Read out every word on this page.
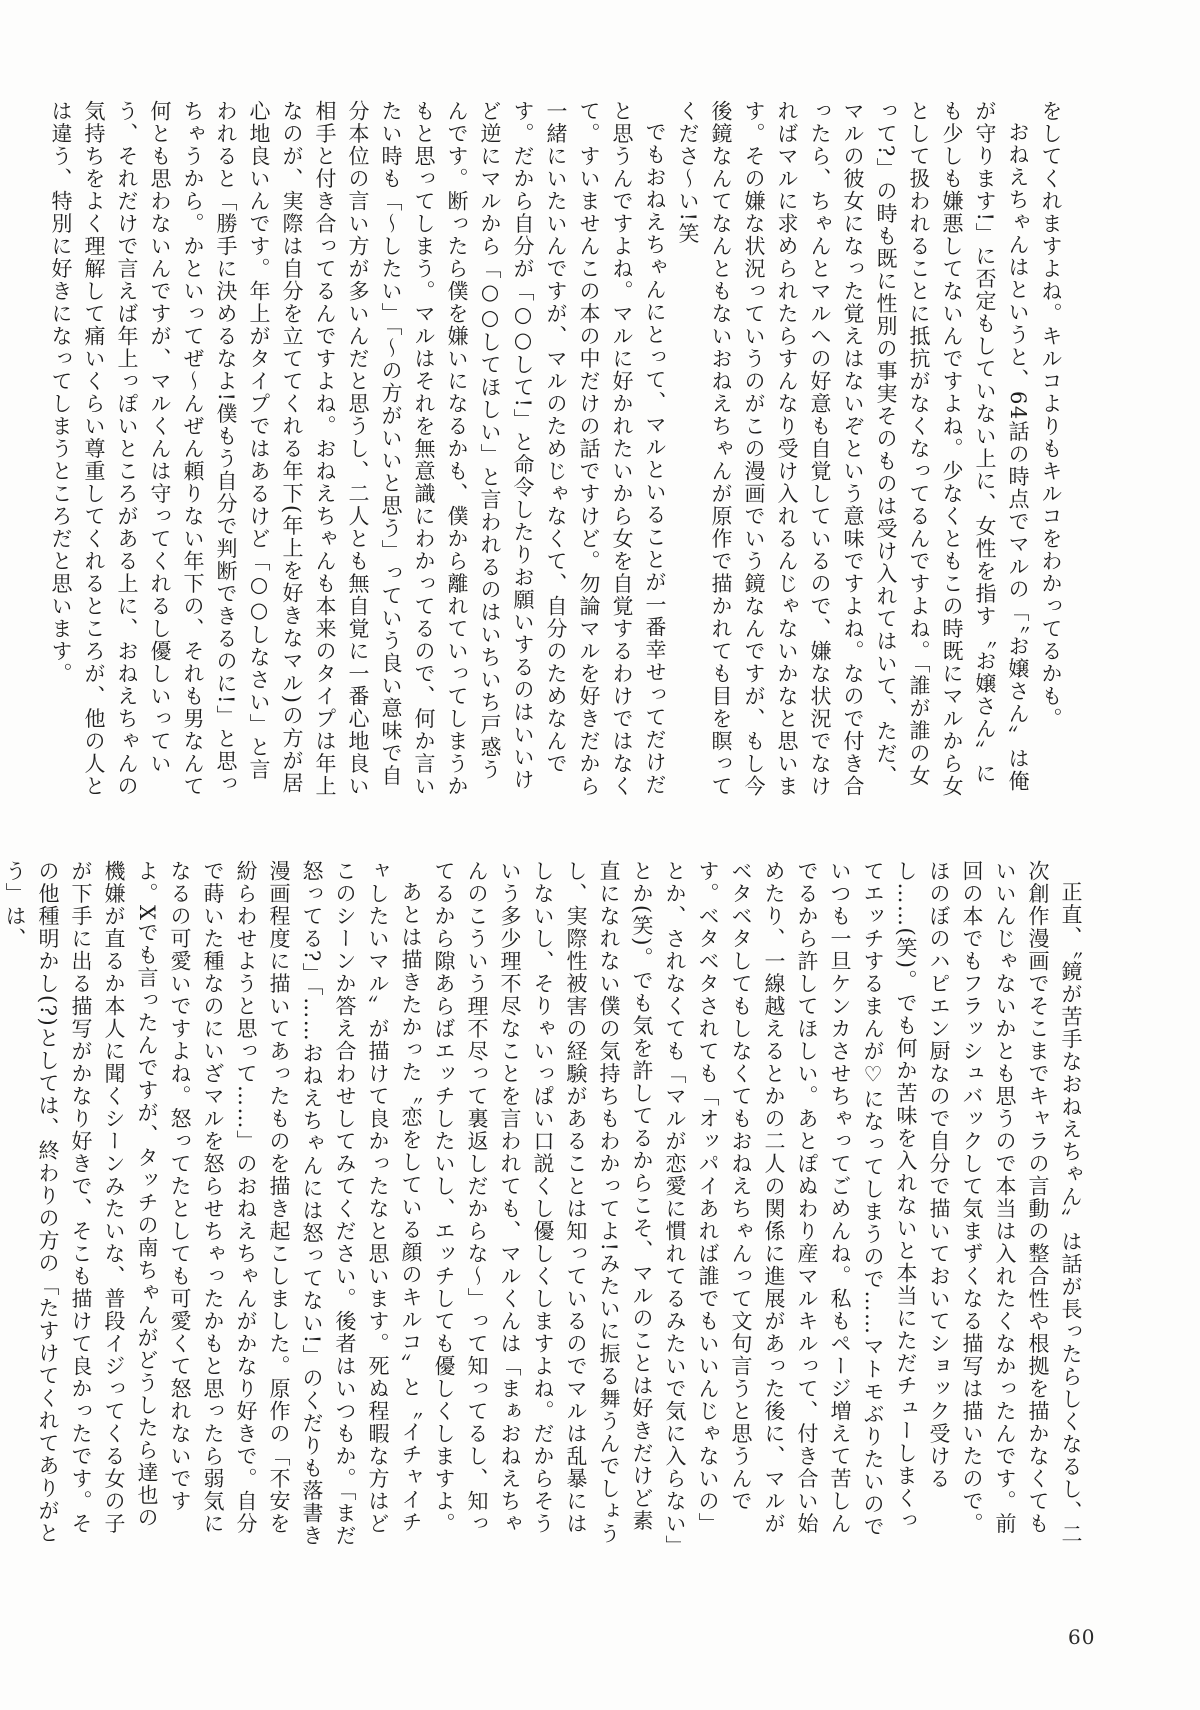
をしてくれますよね。キルコよりもキルコをわかってるかも。

おねえちゃんはというと、64話の時点でマルの「〝お嬢さん〟は俺が守ります!」に否定もしていない上に、女性を指す〝お嬢さん〟にも少しも嫌悪してないんですよね。少なくともこの時既にマルから女として扱われることに抵抗がなくなってるんですよね。「誰が誰の女って?」の時も既に性別の事実そのものは受け入れてはいて、ただ、マルの彼女になった覚えはないぞという意味ですよね。なので付き合ったら、ちゃんとマルへの好意も自覚しているので、嫌な状況でなければマルに求められたらすんなり受け入れるんじゃないかなと思います。その嫌な状況っていうのがこの漫画でいう鏡なんですが、もし今後鏡なんてなんともないおねえちゃんが原作で描かれても目を瞑ってくださ〜い!笑

でもおねえちゃんにとって、マルといることが一番幸せってだけだと思うんですよね。マルに好かれたいから女を自覚するわけではなくて。すいませんこの本の中だけの話ですけど。勿論マルを好きだから一緒にいたいんですが、マルのためじゃなくて、自分のためなんです。だから自分が「○○して!」と命令したりお願いするのはいいけど逆にマルから「○○してほしい」と言われるのはいちいち戸惑うんです。断ったら僕を嫌いになるかも、僕から離れていってしまうかもと思ってしまう。マルはそれを無意識にわかってるので、何か言いたい時も「〜したい」「〜の方がいいと思う」っていう良い意味で自分本位の言い方が多いんだと思うし、二人とも無自覚に一番心地良い相手と付き合ってるんですよね。おねえちゃんも本来のタイプは年上なのが、実際は自分を立ててくれる年下(年上を好きなマル)の方が居心地良いんです。年上がタイプではあるけど「○○しなさい」と言われると「勝手に決めるなよ!僕もう自分で判断できるのに!」と思っちゃうから。かといってぜ〜んぜん頼りない年下の、それも男なんて何とも思わないんですが、マルくんは守ってくれるし優しいっていう、それだけで言えば年上っぽいところがある上に、おねえちゃんの気持ちをよく理解して痛いくらい尊重してくれるところが、他の人とは違う、特別に好きになってしまうところだと思います。

正直、〝鏡が苦手なおねえちゃん〟は話が長ったらしくなるし、二次創作漫画でそこまでキャラの言動の整合性や根拠を描かなくてもいいんじゃないかとも思うので本当は入れたくなかったんです。前回の本でもフラッシュバックして気まずくなる描写は描いたので。ほのぼのハピエン厨なので自分で描いておいてショック受けるし……(笑)。でも何か苦味を入れないと本当にただチューしまくってエッチするまんが♡になってしまうので……マトモぶりたいのでいつも一旦ケンカさせちゃってごめんね。私もページ増えて苦しんでるから許してほしい。あとぽぬわり産マルキルって、付き合い始めたり、一線越えるとかの二人の関係に進展があった後に、マルがベタベタしてもしなくてもおねえちゃんって文句言うと思うんです。ベタベタされても「オッパイあれば誰でもいいんじゃないの」とか、されなくても「マルが恋愛に慣れてるみたいで気に入らない」とか(笑)。でも気を許してるからこそ、マルのことは好きだけど素直になれない僕の気持ちもわかってよ!みたいに振る舞うんでしょうし、実際性被害の経験があることは知っているのでマルは乱暴にはしないし、そりゃいっぱい口説くし優しくしますよね。だからそういう多少理不尽なことを言われても、マルくんは「まぁおねえちゃんのこういう理不尽って裏返しだからな〜」って知ってるし、知ってるから隙あらばエッチしたいし、エッチしても優しくしますよ。

あとは描きたかった〝恋をしている顔のキルコ〟と〝イチャイチャしたいマル〟が描けて良かったなと思います。死ぬ程暇な方はどこのシーンか答え合わせしてみてください。後者はいつもか。「まだ怒ってる?」「……おねえちゃんには怒ってない!」のくだりも落書き漫画程度に描いてあったものを描き起こしました。原作の「不安を紛らわせようと思って……」のおねえちゃんがかなり好きで。自分で蒔いた種なのにいざマルを怒らせちゃったかもと思ったら弱気になるの可愛いですよね。怒ってたとしても可愛くて怒れないですよ。Xでも言ったんですが、タッチの南ちゃんがどうしたら達也の機嫌が直るか本人に聞くシーンみたいな、普段イジってくる女の子が下手に出る描写がかなり好きで、そこも描けて良かったです。その他種明かし(?)としては、終わりの方の「たすけてくれてありがとう」は、

60
